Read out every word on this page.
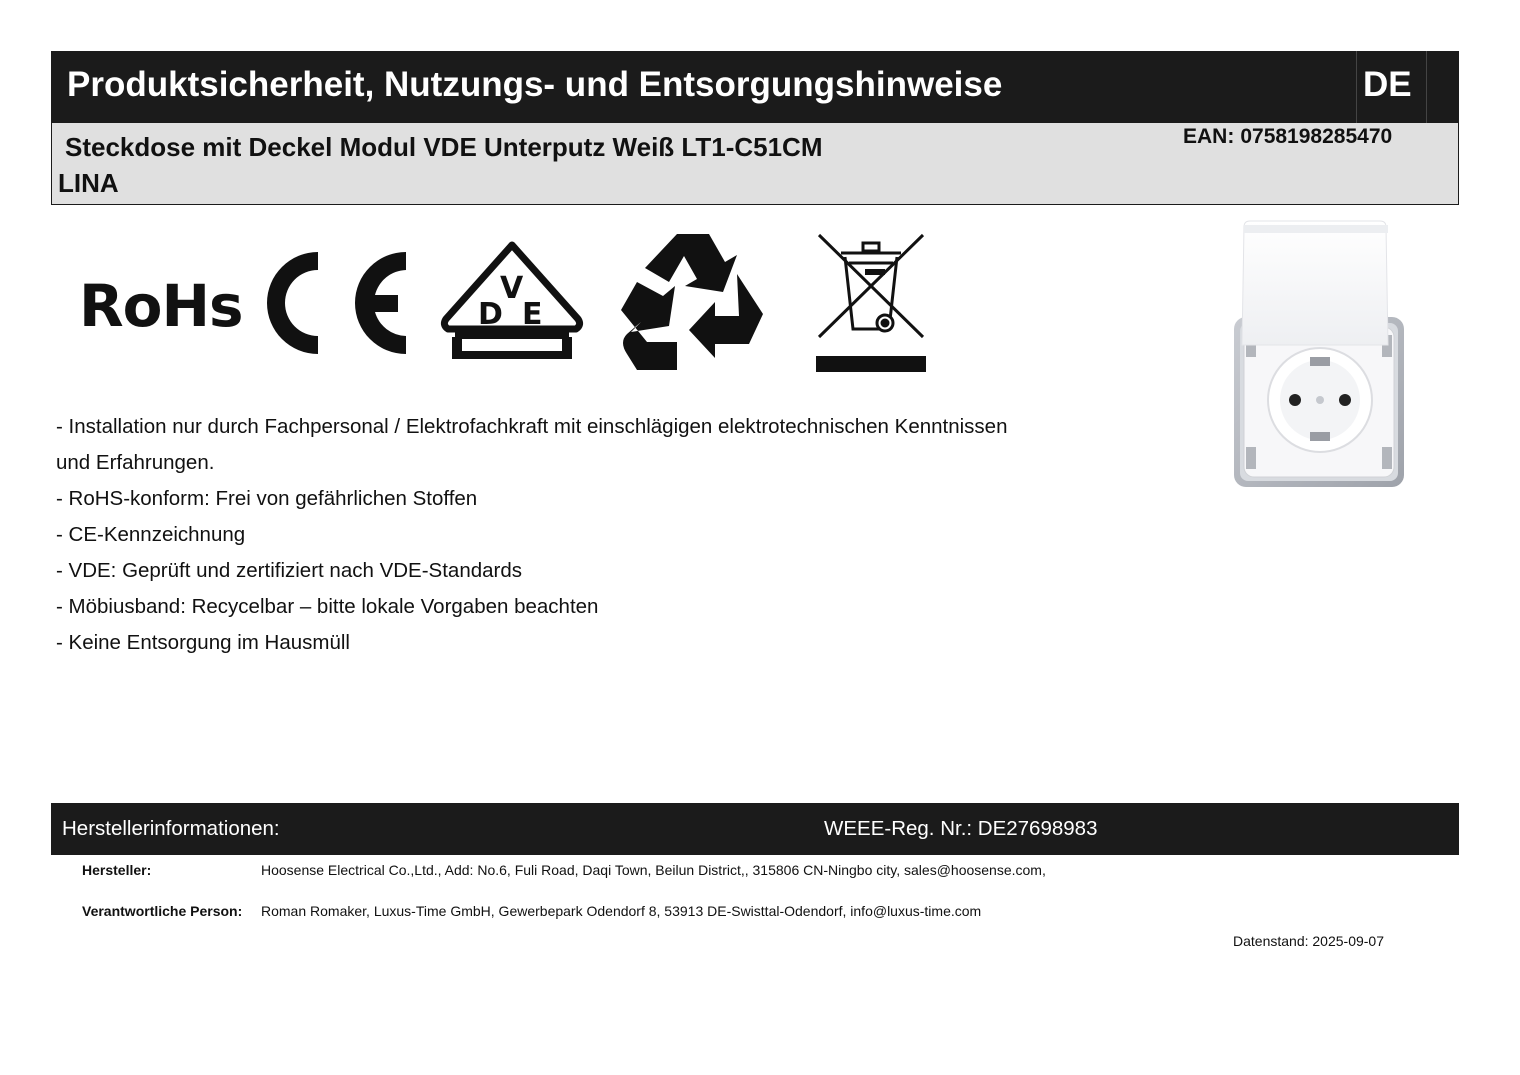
Produktsicherheit, Nutzungs- und Entsorgungshinweise	DE
Steckdose mit Deckel Modul VDE Unterputz Weiß LT1-C51CM
LINA
EAN: 0758198285470
RoHs	D
V
E
- Installation nur durch Fachpersonal / Elektrofachkraft mit einschlägigen elektrotechnischen Kenntnissen
und Erfahrungen.
- RoHS-konform: Frei von gefährlichen Stoffen
- CE-Kennzeichnung
- VDE: Geprüft und zertifiziert nach VDE-Standards
- Möbiusband: Recycelbar – bitte lokale Vorgaben beachten
- Keine Entsorgung im Hausmüll
Herstellerinformationen:	WEEE-Reg. Nr.: DE27698983
Hersteller:	Hoosense Electrical Co.,Ltd., Add: No.6, Fuli Road, Daqi Town, Beilun District,, 315806 CN-Ningbo city, sales@hoosense.com,
Verantwortliche Person: Roman Romaker, Luxus-Time GmbH, Gewerbepark Odendorf 8, 53913 DE-Swisttal-Odendorf, info@luxus-time.com
Datenstand: 2025-09-07
